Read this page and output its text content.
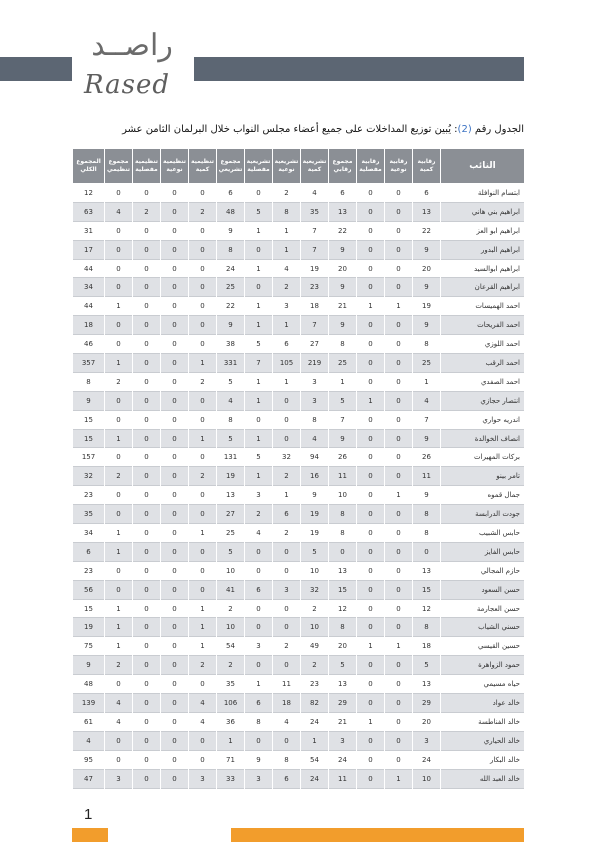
راصــد
Rased
الجدول رقم (2): يُبين توزيع المداخلات على جميع أعضاء مجلس النواب خلال البرلمان الثامن عشر
النائب	رقابية كمية	رقابية نوعية	رقابية مفصلية	مجموع رقابي	تشريعية كمية	تشريعية نوعية	تشريعية مفصلية	مجموع تشريعي	تنظيمية كمية	تنظيمية نوعية	تنظيمية مفصلية	مجموع تنظيمي	المجموع الكلي
ابتسام النوافلة	6	0	0	6	4	2	0	6	0	0	0	0	12
ابراهيم بني هاني	13	0	0	13	35	8	5	48	2	0	2	4	63
ابراهيم ابو العز	22	0	0	22	7	1	1	9	0	0	0	0	31
ابراهيم البدور	9	0	0	9	7	1	0	8	0	0	0	0	17
ابراهيم ابوالسيد	20	0	0	20	19	4	1	24	0	0	0	0	44
ابراهيم القرعان	9	0	0	9	23	2	0	25	0	0	0	0	34
احمد الهميسات	19	1	1	21	18	3	1	22	0	0	0	1	44
احمد الفريحات	9	0	0	9	7	1	1	9	0	0	0	0	18
احمد اللوزي	8	0	0	8	27	6	5	38	0	0	0	0	46
احمد الرقب	25	0	0	25	219	105	7	331	1	0	0	1	357
احمد الصفدي	1	0	0	1	3	1	1	5	2	0	0	2	8
انتصار حجازي	4	0	1	5	3	0	1	4	0	0	0	0	9
اندريه حواري	7	0	0	7	8	0	0	8	0	0	0	0	15
انصاف الخوالدة	9	0	0	9	4	0	1	5	1	0	0	1	15
بركات المهيرات	26	0	0	26	94	32	5	131	0	0	0	0	157
تامر بينو	11	0	0	11	16	2	1	19	2	0	0	2	32
جمال قموه	9	1	0	10	9	1	3	13	0	0	0	0	23
جودت الدرابسة	8	0	0	8	19	6	2	27	0	0	0	0	35
حابس الشبيب	8	0	0	8	19	2	4	25	1	0	0	1	34
حابس الفايز	0	0	0	0	5	0	0	5	0	0	0	1	6
حازم المجالي	13	0	0	13	10	0	0	10	0	0	0	0	23
حسن السعود	15	0	0	15	32	3	6	41	0	0	0	0	56
حسن العجارمة	12	0	0	12	2	0	0	2	1	0	0	1	15
حسني الشياب	8	0	0	8	10	0	0	10	1	0	0	1	19
حسين القيسي	18	1	1	20	49	2	3	54	1	0	0	1	75
حمود الزواهرة	5	0	0	5	2	0	0	2	2	0	0	2	9
حياه مسيمي	13	0	0	13	23	11	1	35	0	0	0	0	48
خالد عواد	29	0	0	29	82	18	6	106	4	0	0	4	139
خالد الفناطسة	20	0	1	21	24	4	8	36	4	0	0	4	61
خالد الحياري	3	0	0	3	1	0	0	1	0	0	0	0	4
خالد البكار	24	0	0	24	54	8	9	71	0	0	0	0	95
خالد العبد الله	10	1	0	11	24	6	3	33	3	0	0	3	47
1
